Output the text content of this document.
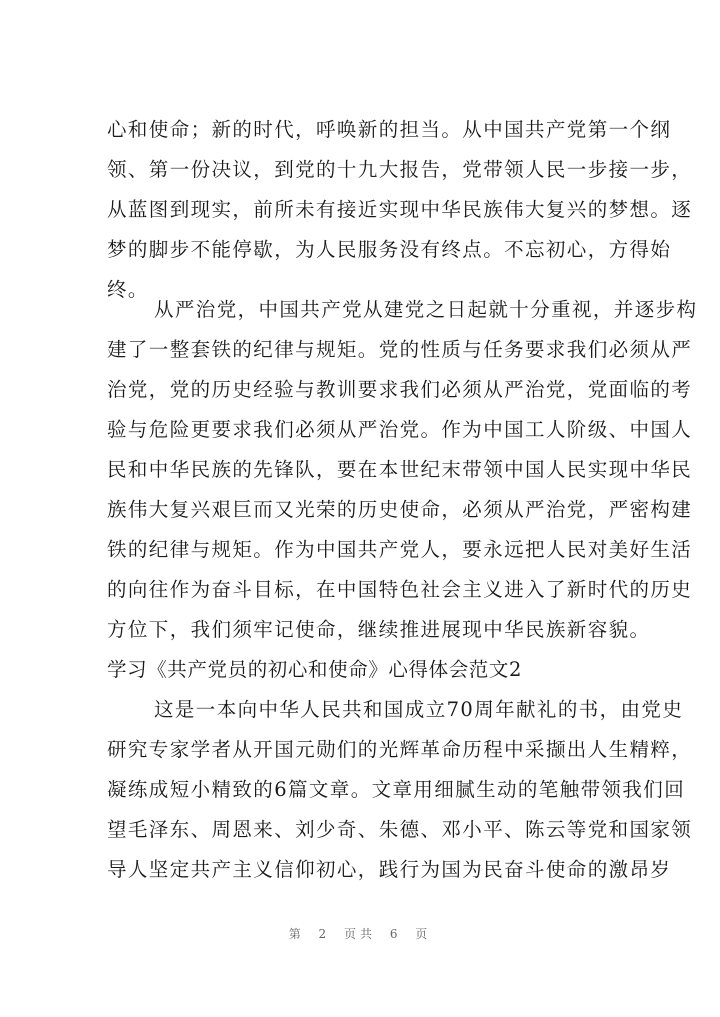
心和使命；新的时代，呼唤新的担当。从中国共产党第一个纲
领、第一份决议，到党的十九大报告，党带领人民一步接一步，
从蓝图到现实，前所未有接近实现中华民族伟大复兴的梦想。逐
梦的脚步不能停歇，为人民服务没有终点。不忘初心，方得始
终。
从严治党，中国共产党从建党之日起就十分重视，并逐步构
建了一整套铁的纪律与规矩。党的性质与任务要求我们必须从严
治党，党的历史经验与教训要求我们必须从严治党，党面临的考
验与危险更要求我们必须从严治党。作为中国工人阶级、中国人
民和中华民族的先锋队，要在本世纪末带领中国人民实现中华民
族伟大复兴艰巨而又光荣的历史使命，必须从严治党，严密构建
铁的纪律与规矩。作为中国共产党人，要永远把人民对美好生活
的向往作为奋斗目标，在中国特色社会主义进入了新时代的历史
方位下，我们须牢记使命，继续推进展现中华民族新容貌。
学习《共产党员的初心和使命》心得体会范文2
这是一本向中华人民共和国成立70周年献礼的书，由党史
研究专家学者从开国元勋们的光辉革命历程中采撷出人生精粹，
凝练成短小精致的6篇文章。文章用细腻生动的笔触带领我们回
望毛泽东、周恩来、刘少奇、朱德、邓小平、陈云等党和国家领
导人坚定共产主义信仰初心，践行为国为民奋斗使命的激昂岁
第 2 页共 6 页
